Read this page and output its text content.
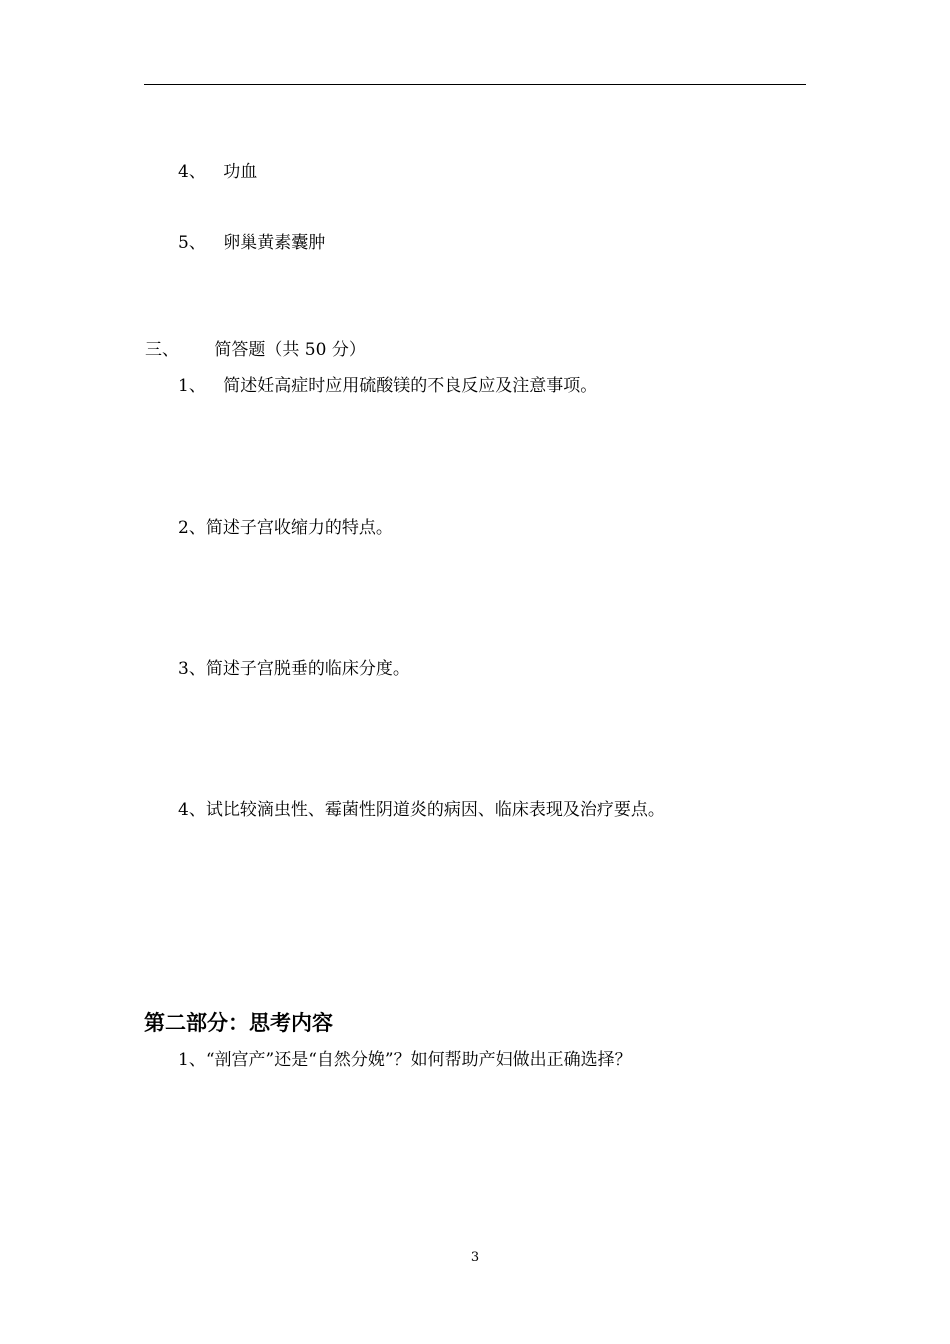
4、 功血
5、 卵巢黄素囊肿
三、 简答题（共 50 分）
1、 简述妊高症时应用硫酸镁的不良反应及注意事项。
2、简述子宫收缩力的特点。
3、简述子宫脱垂的临床分度。
4、试比较滴虫性、霉菌性阴道炎的病因、临床表现及治疗要点。
第二部分：思考内容
1、“剖宫产”还是“自然分娩”？如何帮助产妇做出正确选择？
3
